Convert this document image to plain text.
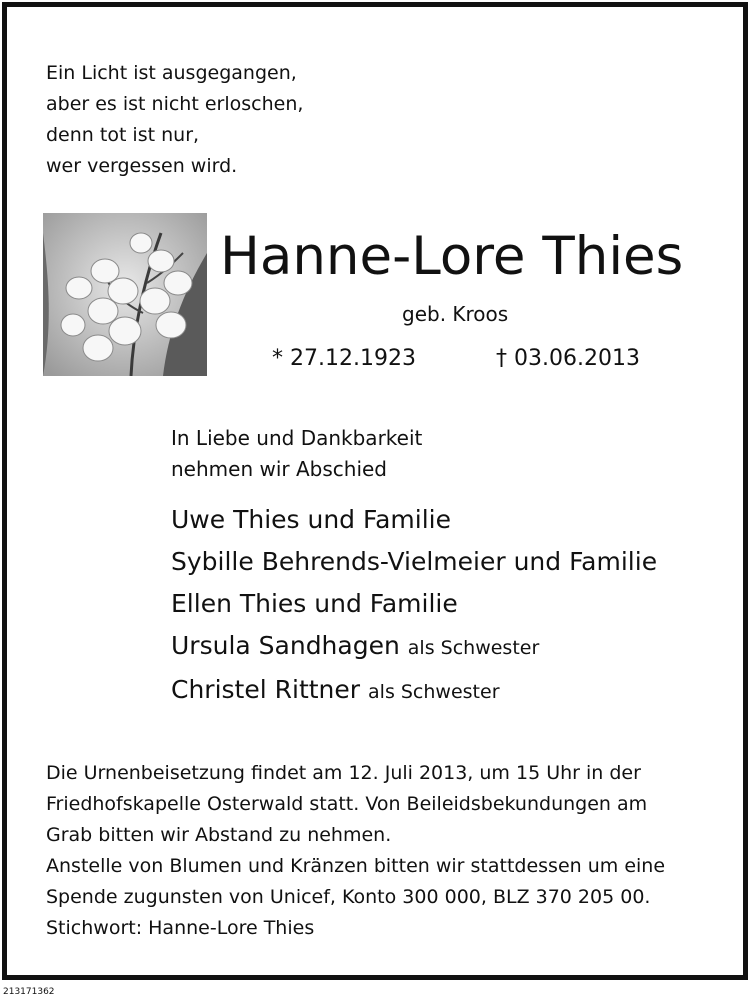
Ein Licht ist ausgegangen,
aber es ist nicht erloschen,
denn tot ist nur,
wer vergessen wird.
Hanne-Lore Thies
geb. Kroos
* 27.12.1923	† 03.06.2013
In Liebe und Dankbarkeit
nehmen wir Abschied
Uwe Thies und Familie
Sybille Behrends-Vielmeier und Familie
Ellen Thies und Familie
Ursula Sandhagen als Schwester
Christel Rittner als Schwester
Die Urnenbeisetzung findet am 12. Juli 2013, um 15 Uhr in der
Friedhofskapelle Osterwald statt. Von Beileidsbekundungen am
Grab bitten wir Abstand zu nehmen.
Anstelle von Blumen und Kränzen bitten wir stattdessen um eine
Spende zugunsten von Unicef, Konto 300 000, BLZ 370 205 00.
Stichwort: Hanne-Lore Thies
213171362
